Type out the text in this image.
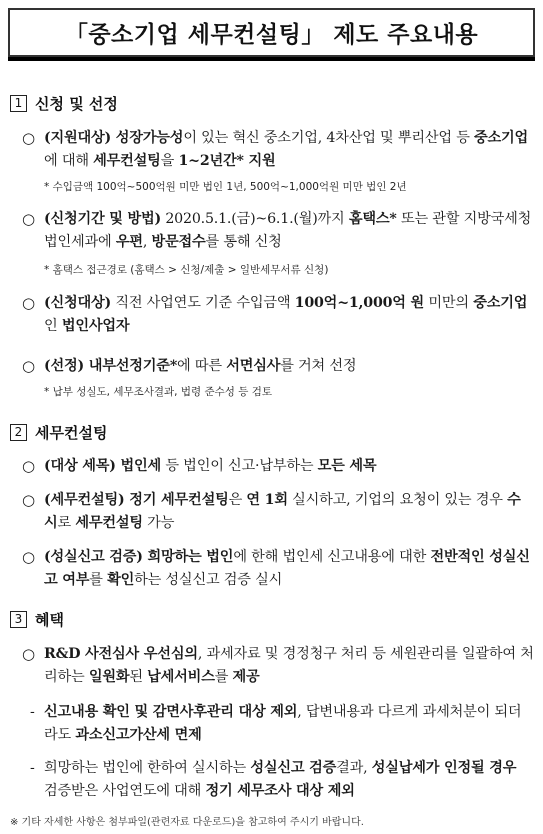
「중소기업 세무컨설팅」 제도 주요내용
1 신청 및 선정
○ (지원대상) 성장가능성이 있는 혁신 중소기업, 4차산업 및 뿌리산업 등 중소기업에 대해 세무컨설팅을 1~2년간* 지원
* 수입금액 100억~500억원 미만 법인 1년, 500억~1,000억원 미만 법인 2년
○ (신청기간 및 방법) 2020.5.1.(금)~6.1.(월)까지 홈택스* 또는 관할 지방국세청 법인세과에 우편, 방문접수를 통해 신청
* 홈택스 접근경로 (홈택스 > 신청/제출 > 일반세무서류 신청)
○ (신청대상) 직전 사업연도 기준 수입금액 100억~1,000억 원 미만의 중소기업인 법인사업자
○ (선정) 내부선정기준*에 따른 서면심사를 거쳐 선정
* 납부 성실도, 세무조사결과, 법령 준수성 등 검토
2 세무컨설팅
○ (대상 세목) 법인세 등 법인이 신고·납부하는 모든 세목
○ (세무컨설팅) 정기 세무컨설팅은 연 1회 실시하고, 기업의 요청이 있는 경우 수시로 세무컨설팅 가능
○ (성실신고 검증) 희망하는 법인에 한해 법인세 신고내용에 대한 전반적인 성실신고 여부를 확인하는 성실신고 검증 실시
3 혜택
○ R&D 사전심사 우선심의, 과세자료 및 경정청구 처리 등 세원관리를 일괄하여 처리하는 일원화된 납세서비스를 제공
- 신고내용 확인 및 감면사후관리 대상 제외, 답변내용과 다르게 과세처분이 되더라도 과소신고가산세 면제
- 희망하는 법인에 한하여 실시하는 성실신고 검증결과, 성실납세가 인정될 경우 검증받은 사업연도에 대해 정기 세무조사 대상 제외
※ 기타 자세한 사항은 첨부파일(관련자료 다운로드)을 참고하여 주시기 바랍니다.
